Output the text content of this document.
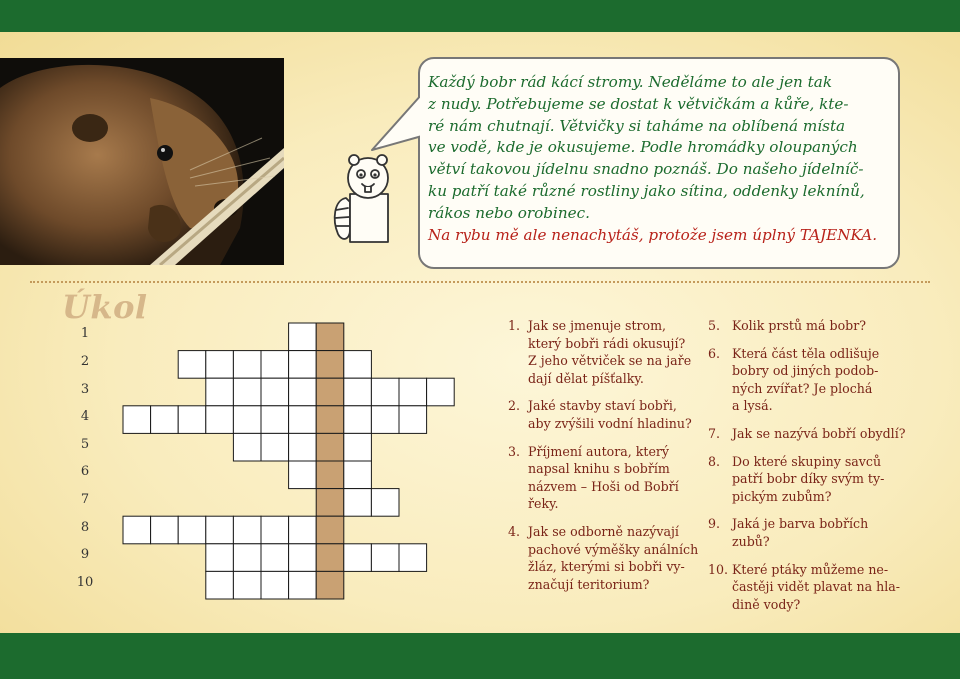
Každý bobr rád kácí stromy. Neděláme to ale jen tak
z nudy. Potřebujeme se dostat k větvičkám a kůře, kte-
ré nám chutnají. Větvičky si taháme na oblíbená místa
ve vodě, kde je okusujeme. Podle hromádky oloupaných
větví takovou jídelnu snadno poznáš. Do našeho jídelníč-
ku patří také různé rostliny jako sítina, oddenky leknínů,
rákos nebo orobinec.
Na rybu mě ale nenachytáš, protože jsem úplný TAJENKA.
Úkol
1
2
3
4
5
6
7
8
9
10
1. Jak se jmenuje strom,
který bobři rádi okusují?
Z jeho větviček se na jaře
dají dělat píšťalky.
2. Jaké stavby staví bobři,
aby zvýšili vodní hladinu?
3. Příjmení autora, který
napsal knihu s bobřím
názvem – Hoši od Bobří
řeky.
4. Jak se odborně nazývají
pachové výměšky análních
žláz, kterými si bobři vy-
značují teritorium?
5. Kolik prstů má bobr?
6. Která část těla odlišuje
bobry od jiných podob-
ných zvířat? Je plochá
a lysá.
7. Jak se nazývá bobří obydlí?
8. Do které skupiny savců
patří bobr díky svým ty-
pickým zubům?
9. Jaká je barva bobřích
zubů?
10. Které ptáky můžeme ne-
častěji vidět plavat na hla-
dině vody?
